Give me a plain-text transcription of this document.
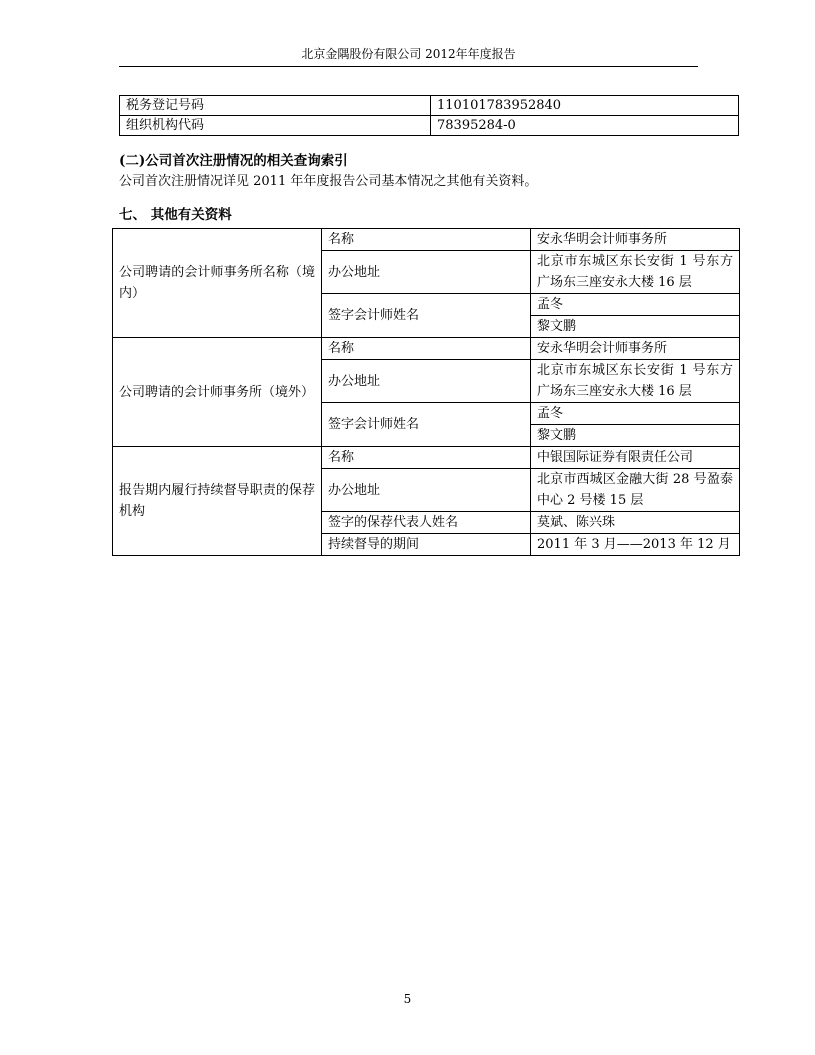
北京金隅股份有限公司 2012年年度报告
税务登记号码	110101783952840
组织机构代码	78395284-0
(二)公司首次注册情况的相关查询索引
公司首次注册情况详见 2011 年年度报告公司基本情况之其他有关资料。
七、 其他有关资料
公司聘请的会计师事务所名称（境内）	名称	安永华明会计师事务所
	办公地址	北京市东城区东长安街 1 号东方广场东三座安永大楼 16 层
	签字会计师姓名	孟冬
		黎文鹏
公司聘请的会计师事务所（境外）	名称	安永华明会计师事务所
	办公地址	北京市东城区东长安街 1 号东方广场东三座安永大楼 16 层
	签字会计师姓名	孟冬
		黎文鹏
报告期内履行持续督导职责的保荐机构	名称	中银国际证券有限责任公司
	办公地址	北京市西城区金融大街 28 号盈泰中心 2 号楼 15 层
	签字的保荐代表人姓名	莫斌、陈兴珠
	持续督导的期间	2011 年 3 月——2013 年 12 月
5
